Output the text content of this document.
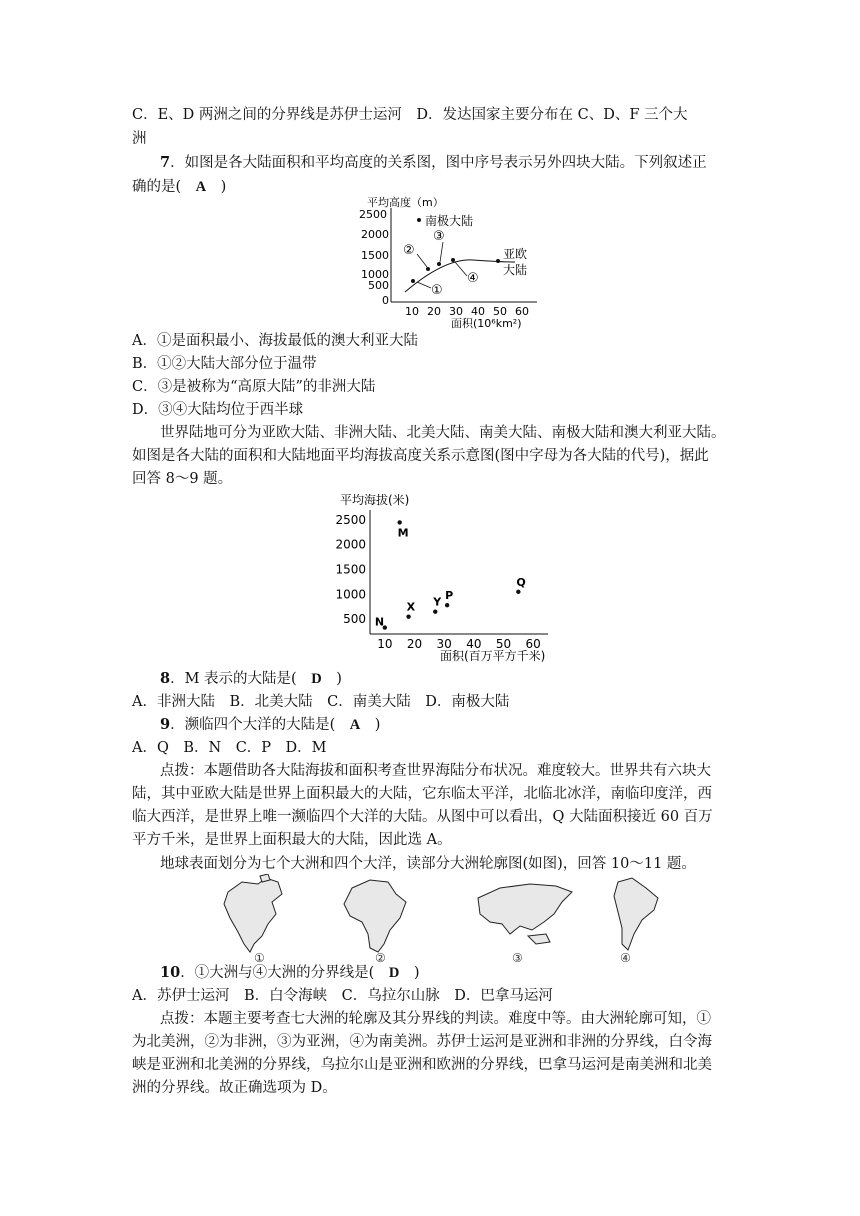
C．E、D 两洲之间的分界线是苏伊士运河　D．发达国家主要分布在 C、D、F 三个大
洲
7．如图是各大陆面积和平均高度的关系图，图中序号表示另外四块大陆。下列叙述正
确的是(　A　)
平均高度（m）
2500
2000
1500
1000
500
0
10 20 30 40 50 60
面积(10⁶km²)
南极大陆
亚欧
大陆
①
②
③
④
A．①是面积最小、海拔最低的澳大利亚大陆
B．①②大陆大部分位于温带
C．③是被称为“高原大陆”的非洲大陆
D．③④大陆均位于西半球
世界陆地可分为亚欧大陆、非洲大陆、北美大陆、南美大陆、南极大陆和澳大利亚大陆。
如图是各大陆的面积和大陆地面平均海拔高度关系示意图(图中字母为各大陆的代号)，据此
回答 8～9 题。
平均海拔(米)
2500
2000
1500
1000
500
10 20 30 40 50 60
M
N
X Y P
Q
面积(百万平方千米)
8．M 表示的大陆是(　D　)
A．非洲大陆　B．北美大陆　C．南美大陆　D．南极大陆
9．濒临四个大洋的大陆是(　A　)
A．Q　B．N　C．P　D．M
点拨：本题借助各大陆海拔和面积考查世界海陆分布状况。难度较大。世界共有六块大
陆，其中亚欧大陆是世界上面积最大的大陆，它东临太平洋，北临北冰洋，南临印度洋，西
临大西洋，是世界上唯一濒临四个大洋的大陆。从图中可以看出，Q 大陆面积接近 60 百万
平方千米，是世界上面积最大的大陆，因此选 A。
地球表面划分为七个大洲和四个大洋，读部分大洲轮廓图(如图)，回答 10～11 题。
①	②	③	④
10．①大洲与④大洲的分界线是(　D　)
A．苏伊士运河　B．白令海峡　C．乌拉尔山脉　D．巴拿马运河
点拨：本题主要考查七大洲的轮廓及其分界线的判读。难度中等。由大洲轮廓可知，①
为北美洲，②为非洲，③为亚洲，④为南美洲。苏伊士运河是亚洲和非洲的分界线，白令海
峡是亚洲和北美洲的分界线，乌拉尔山是亚洲和欧洲的分界线，巴拿马运河是南美洲和北美
洲的分界线。故正确选项为 D。
